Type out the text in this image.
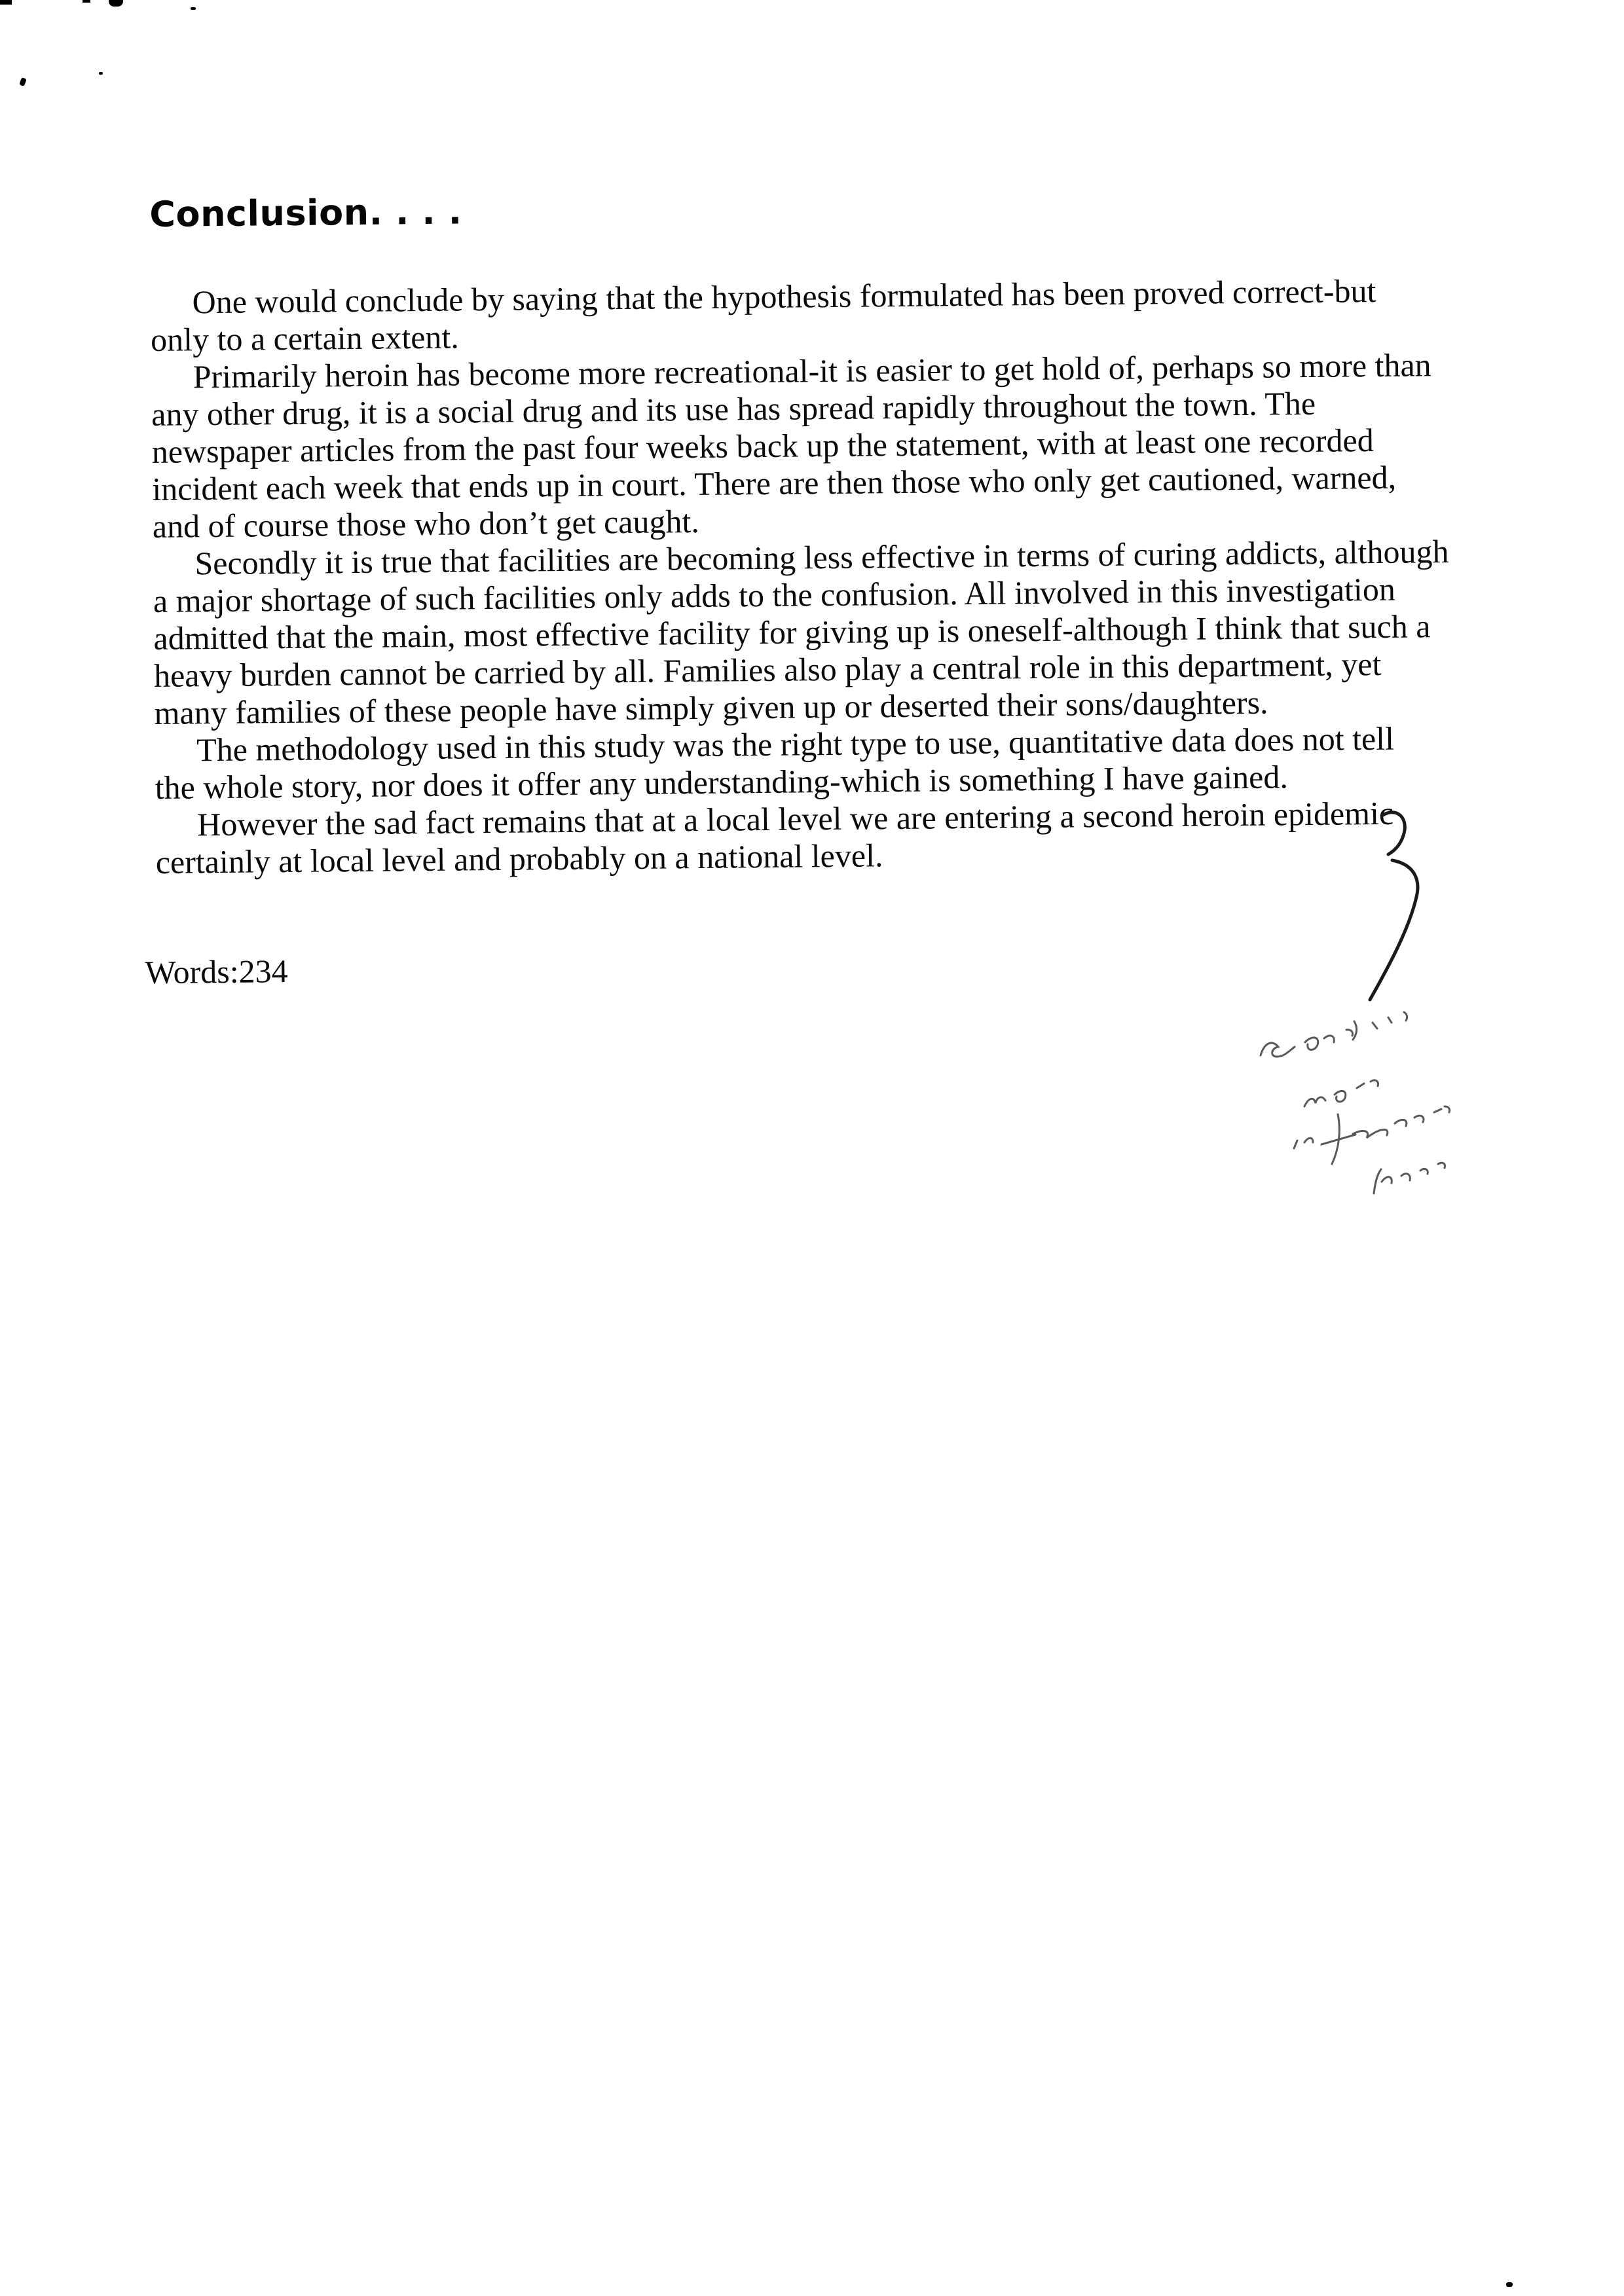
Conclusion. . . .
One would conclude by saying that the hypothesis formulated has been proved correct-but
only to a certain extent.
Primarily heroin has become more recreational-it is easier to get hold of, perhaps so more than
any other drug, it is a social drug and its use has spread rapidly throughout the town. The
newspaper articles from the past four weeks back up the statement, with at least one recorded
incident each week that ends up in court. There are then those who only get cautioned, warned,
and of course those who don’t get caught.
Secondly it is true that facilities are becoming less effective in terms of curing addicts, although
a major shortage of such facilities only adds to the confusion. All involved in this investigation
admitted that the main, most effective facility for giving up is oneself-although I think that such a
heavy burden cannot be carried by all. Families also play a central role in this department, yet
many families of these people have simply given up or deserted their sons/daughters.
The methodology used in this study was the right type to use, quantitative data does not tell
the whole story, nor does it offer any understanding-which is something I have gained.
However the sad fact remains that at a local level we are entering a second heroin epidemic
certainly at local level and probably on a national level.
Words:234
